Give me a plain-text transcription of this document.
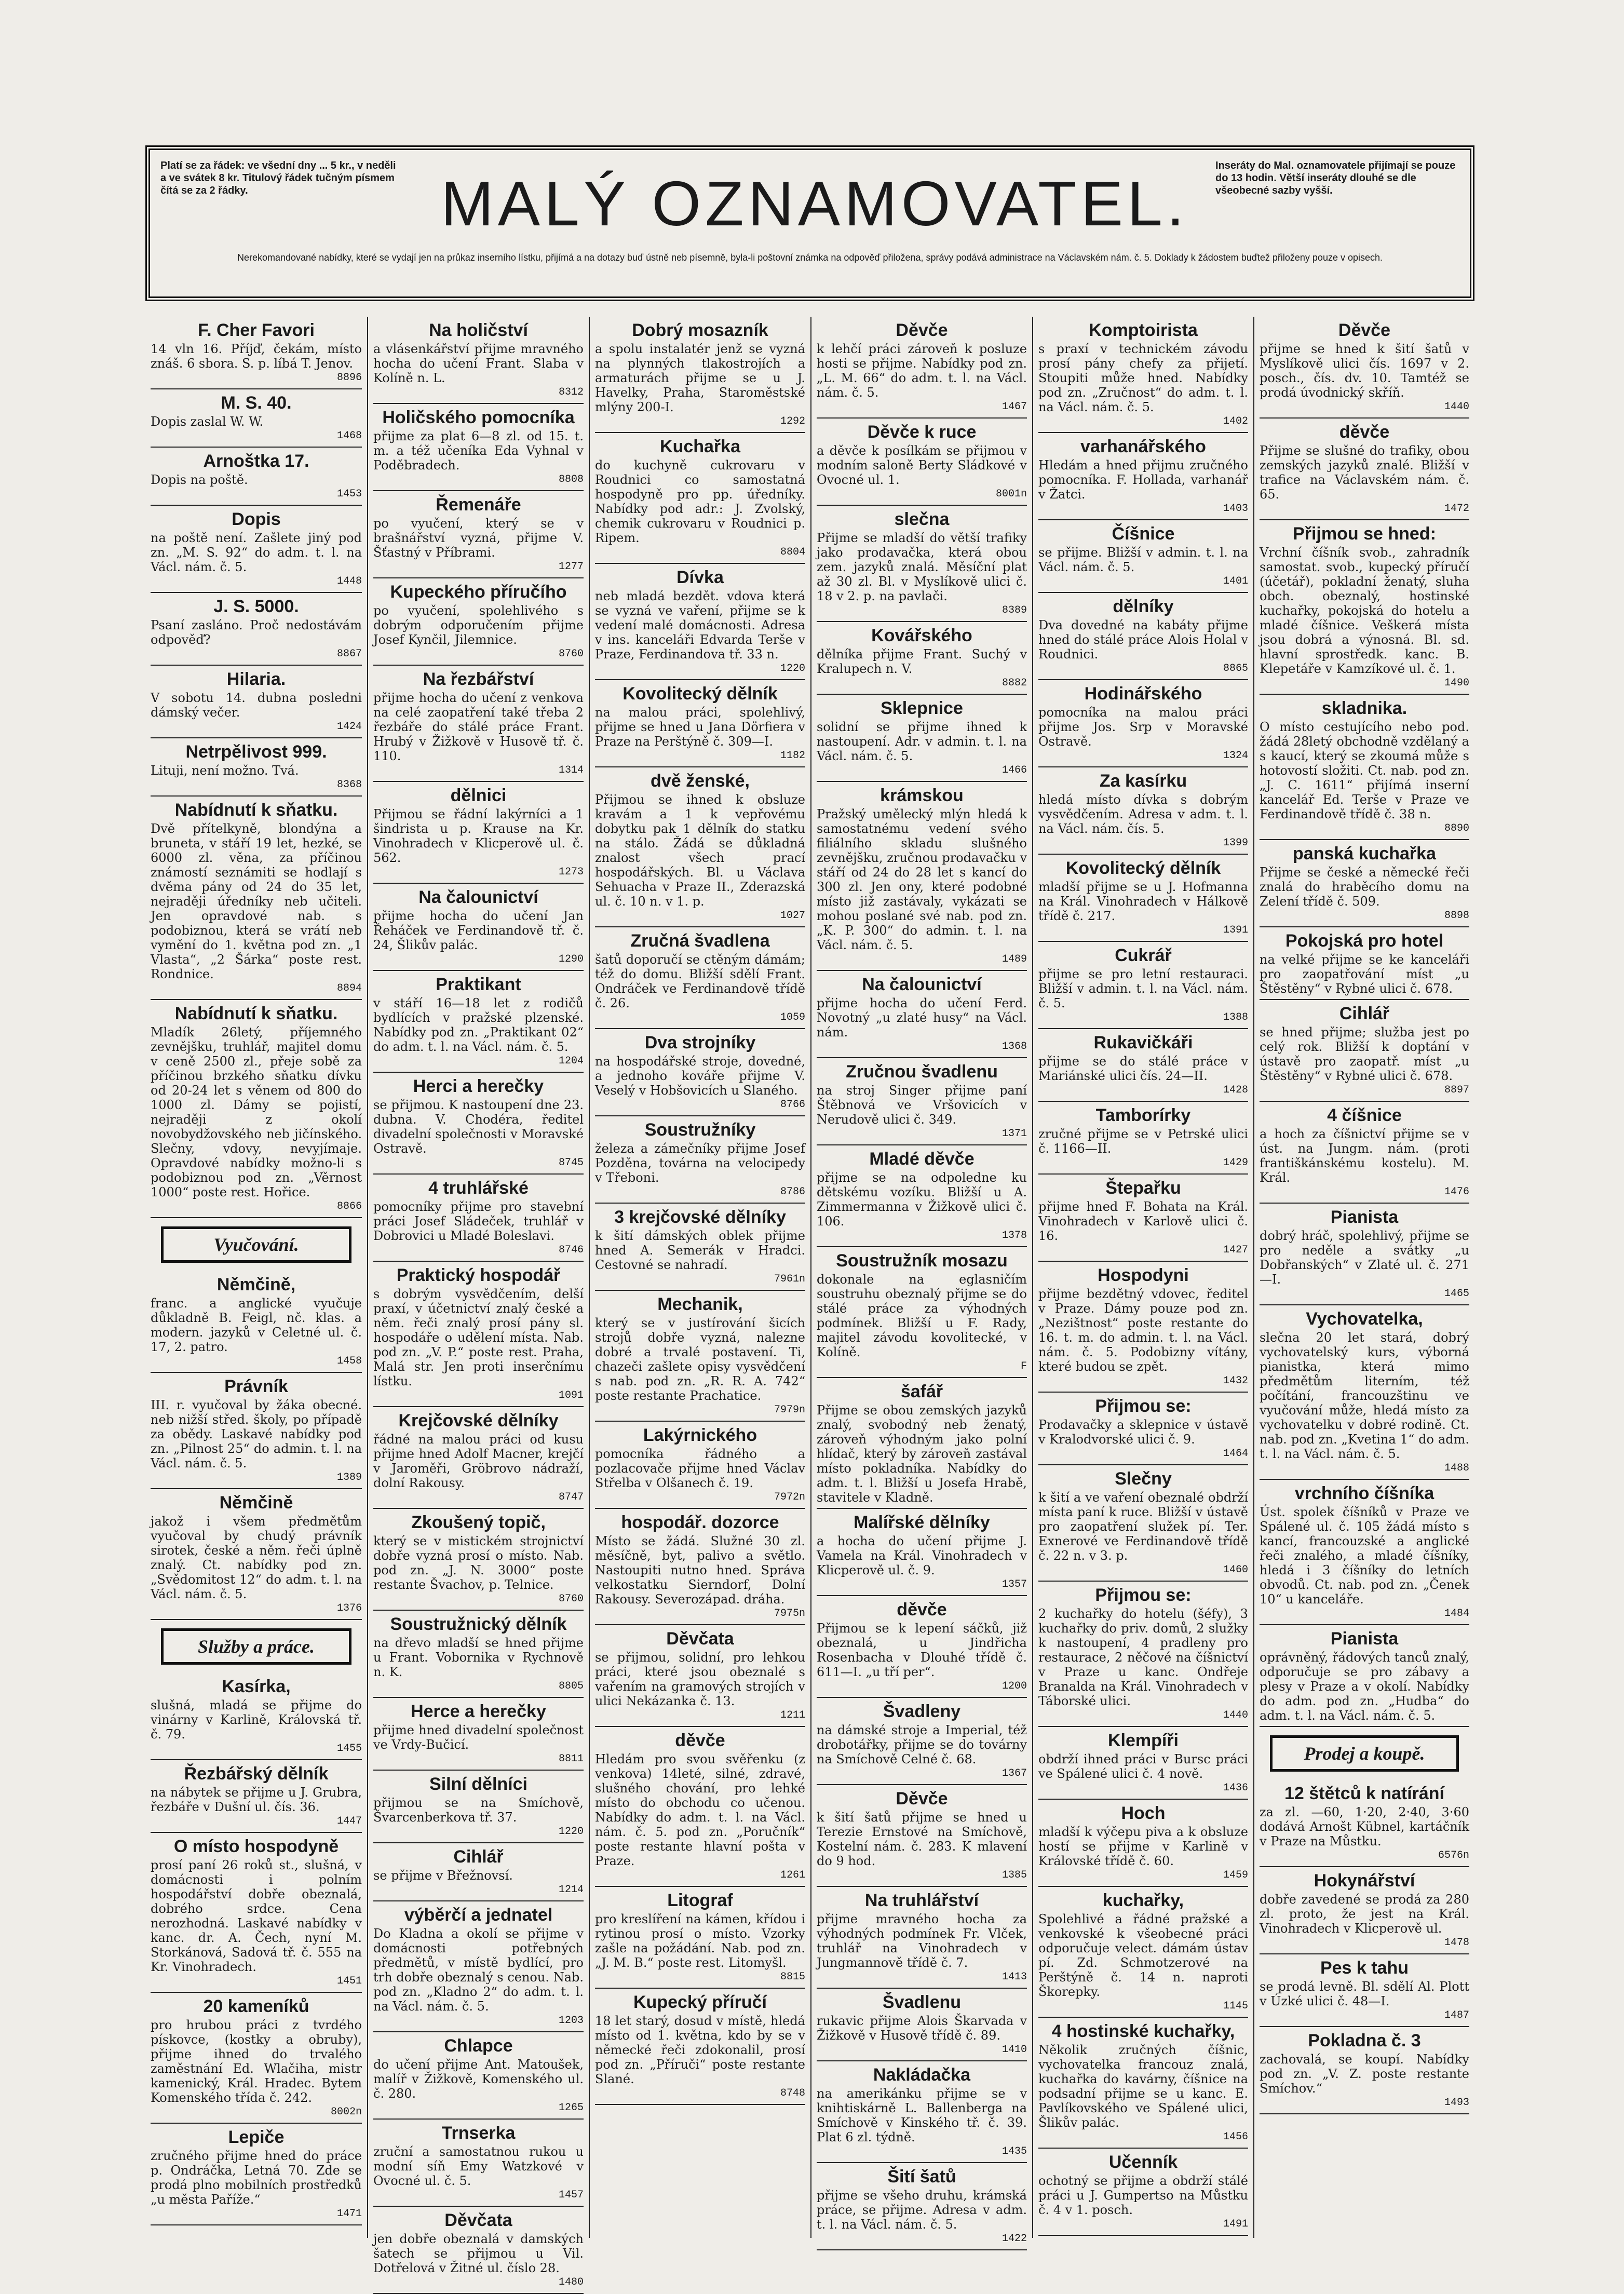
Platí se za řádek: ve všední dny ... 5 kr., v neděli a ve svátek 8 kr. Titulový řádek tučným písmem čítá se za 2 řádky.	MALÝ OZNAMOVATEL.
Inseráty do Mal. oznamovatele přijímají se pouze do 13 hodin. Větší inseráty dlouhé se dle všeobecné sazby vyšší.
Nerekomandované nabídky, které se vydají jen na průkaz inserního lístku, přijímá a na dotazy buď ústně neb písemně, byla-li poštovní známka na odpověď přiložena, správy podává administrace na Václavském nám. č. 5. Doklady k žádostem buďtež přiloženy pouze v opisech.
F. Cher Favori
14 vln 16. Příjď, čekám, místo znáš. 6 sbora. S. p. líbá T. Jenov.
8896
M. S. 40.
Dopis zaslal W. W.
1468
Arnoštka 17.
Dopis na poště.
1453
Dopis
na poště není. Zašlete jiný pod zn. „M. S. 92“ do adm. t. l. na Václ. nám. č. 5.
1448
J. S. 5000.
Psaní zasláno. Proč nedostávám odpověď?
8867
Hilaria.
V sobotu 14. dubna posledni dámský večer.
1424
Netrpělivost 999.
Lituji, není možno. Tvá.
8368
Nabídnutí k sňatku.
Dvě přítelkyně, blondýna a bruneta, v stáří 19 let, hezké, se 6000 zl. věna, za příčinou známostí seznámiti se hodlají s dvěma pány od 24 do 35 let, nejraději úředníky neb učiteli. Jen opravdové nab. s podobiznou, která se vrátí neb vymění do 1. května pod zn. „1 Vlasta“, „2 Šárka“ poste rest. Rondnice.
8894
Nabídnutí k sňatku.
Mladík 26letý, příjemného zevnějšku, truhlář, majitel domu v ceně 2500 zl., přeje sobě za příčinou brzkého sňatku dívku od 20-24 let s věnem od 800 do 1000 zl. Dámy se pojistí, nejraději z okolí novobydžovského neb jičínského. Slečny, vdovy, nevyjímaje. Opravdové nabídky možno-li s podobiznou pod zn. „Věrnost 1000“ poste rest. Hořice.
8866
Vyučování.
Němčině,
franc. a anglické vyučuje důkladně B. Feigl, nč. klas. a modern. jazyků v Celetné ul. č. 17, 2. patro.
1458
Právník
III. r. vyučoval by žáka obecné. neb nižší střed. školy, po případě za obědy. Laskavé nabídky pod zn. „Pilnost 25“ do admin. t. l. na Václ. nám. č. 5.
1389
Němčině
jakož i všem předmětům vyučoval by chudý právník sirotek, české a něm. řeči úplně znalý. Ct. nabídky pod zn. „Svědomitost 12“ do adm. t. l. na Václ. nám. č. 5.
1376
Služby a práce.
Kasírka,
slušná, mladá se přijme do vinárny v Karlině, Královská tř. č. 79.
1455
Řezbářský dělník
na nábytek se přijme u J. Grubra, řezbáře v Dušní ul. čís. 36.
1447
O místo hospodyně
prosí paní 26 roků st., slušná, v domácnosti i polním hospodářství dobře obeznalá, dobrého srdce. Cena nerozhodná. Laskavé nabídky v kanc. dr. A. Čech, nyní M. Storkánová, Sadová tř. č. 555 na Kr. Vinohradech.
1451
20 kameníků
pro hrubou práci z tvrdého pískovce, (kostky a obruby), přijme ihned do trvalého zaměstnání Ed. Wlačiha, mistr kamenický, Král. Hradec. Bytem Komenského třída č. 242.
8002n
Lepiče
zručného přijme hned do práce p. Ondráčka, Letná 70. Zde se prodá plno mobilních prostředků „u města Paříže.“
1471
Na holičství
a vlásenkářství přijme mravného hocha do učení Frant. Slaba v Kolíně n. L.
8312
Holičského pomocníka
přijme za plat 6—8 zl. od 15. t. m. a též učeníka Eda Vyhnal v Poděbradech.
8808
Řemenáře
po vyučení, který se v brašnářství vyzná, přijme V. Šťastný v Příbrami.
1277
Kupeckého příručího
po vyučení, spolehlivého s dobrým odporučením přijme Josef Kynčil, Jilemnice.
8760
Na řezbářství
přijme hocha do učení z venkova na celé zaopatření také třeba 2 řezbáře do stálé práce Frant. Hrubý v Žižkově v Husově tř. č. 110.
1314
dělnici
Přijmou se řádní lakýrníci a 1 šindrista u p. Krause na Kr. Vinohradech v Klicperově ul. č. 562.
1273
Na čalounictví
přijme hocha do učení Jan Řeháček ve Ferdinandově tř. č. 24, Šlikův palác.
1290
Praktikant
v stáří 16—18 let z rodičů bydlících v pražské plzenské. Nabídky pod zn. „Praktikant 02“ do adm. t. l. na Václ. nám. č. 5.
1204
Herci a herečky
se přijmou. K nastoupení dne 23. dubna. V. Chodéra, ředitel divadelní společnosti v Moravské Ostravě.
8745
4 truhlářské
pomocníky přijme pro stavební práci Josef Sládeček, truhlář v Dobrovici u Mladé Boleslavi.
8746
Praktický hospodář
s dobrým vysvědčením, delší praxí, v účetnictví znalý české a něm. řeči znalý prosí pány sl. hospodáře o udělení místa. Nab. pod zn. „V. P.“ poste rest. Praha, Malá str. Jen proti inserčnímu lístku.
1091
Krejčovské dělníky
řádné na malou práci od kusu přijme hned Adolf Macner, krejčí v Jaroměři, Gröbrovo nádraží, dolní Rakousy.
8747
Zkoušený topič,
který se v mistickém strojnictví dobře vyzná prosí o místo. Nab. pod zn. „J. N. 3000“ poste restante Švachov, p. Telnice.
8760
Soustružnický dělník
na dřevo mladší se hned přijme u Frant. Vobornika v Rychnově n. K.
8805
Herce a herečky
přijme hned divadelní společnost ve Vrdy-Bučicí.
8811
Silní dělníci
přijmou se na Smíchově, Švarcenberkova tř. 37.
1220
Cihlář
se přijme v Břežnovsí.
1214
výběrčí a jednatel
Do Kladna a okolí se přijme v domácnosti potřebných předmětů, v místě bydlící, pro trh dobře obeznalý s cenou. Nab. pod zn. „Kladno 2“ do adm. t. l. na Václ. nám. č. 5.
1203
Chlapce
do učení přijme Ant. Matoušek, malíř v Žižkově, Komenského ul. č. 280.
1265
Trnserka
zruční a samostatnou rukou u modní síň Emy Watzkové v Ovocné ul. č. 5.
1457
Děvčata
jen dobře obeznalá v damských šatech se přijmou u Vil. Dotřelová v Žitné ul. číslo 28.
1480
Dobrý mosazník
a spolu instalatér jenž se vyzná na plynných tlakostrojích a armaturách přijme se u J. Havelky, Praha, Staroměstské mlýny 200-I.
1292
Kuchařka
do kuchyně cukrovaru v Roudnici co samostatná hospodyně pro pp. úředníky. Nabídky pod adr.: J. Zvolský, chemik cukrovaru v Roudnici p. Ripem.
8804
Dívka
neb mladá bezdět. vdova která se vyzná ve vaření, přijme se k vedení malé domácnosti. Adresa v ins. kanceláři Edvarda Terše v Praze, Ferdinandova tř. 33 n.
1220
Kovolitecký dělník
na malou práci, spolehlivý, přijme se hned u Jana Dörfiera v Praze na Perštýně č. 309—I.
1182
dvě ženské,
Přijmou se ihned k obsluze kravám a 1 k vepřovému dobytku pak 1 dělník do statku na stálo. Žádá se důkladná znalost všech prací hospodářských. Bl. u Václava Sehuacha v Praze II., Zderazská ul. č. 10 n. v 1. p.
1027
Zručná švadlena
šatů doporučí se ctěným dámám; též do domu. Bližší sdělí Frant. Ondráček ve Ferdinandově třídě č. 26.
1059
Dva strojníky
na hospodářské stroje, dovedné, a jednoho kováře přijme V. Veselý v Hobšovicích u Slaného.
8766
Soustružníky
železa a zámečníky přijme Josef Pozděna, továrna na velocipedy v Třeboni.
8786
3 krejčovské dělníky
k šití dámských oblek přijme hned A. Semerák v Hradci. Cestovné se nahradí.
7961n
Mechanik,
který se v justírování šicích strojů dobře vyzná, nalezne dobré a trvalé postavení. Ti, chazeči zašlete opisy vysvědčení s nab. pod zn. „R. R. A. 742“ poste restante Prachatice.
7979n
Lakýrnického
pomocníka řádného a pozlacovače přijme hned Václav Střelba v Olšanech č. 19.
7972n
hospodář. dozorce
Místo se žádá. Služné 30 zl. měsíčně, byt, palivo a světlo. Nastoupiti nutno hned. Správa velkostatku Sierndorf, Dolní Rakousy. Severozápad. dráha.
7975n
Děvčata
se přijmou, solidní, pro lehkou práci, které jsou obeznalé s vařením na gramových strojích v ulici Nekázanka č. 13.
1211
děvče
Hledám pro svou svěřenku (z venkova) 14leté, silné, zdravé, slušného chování, pro lehké místo do obchodu co učenou. Nabídky do adm. t. l. na Václ. nám. č. 5. pod zn. „Poručník“ poste restante hlavní pošta v Praze.
1261
Litograf
pro kreslíření na kámen, křídou i rytinou prosí o místo. Vzorky zašle na požádání. Nab. pod zn. „J. M. B.“ poste rest. Litomyšl.
8815
Kupecký příručí
18 let starý, dosud v místě, hledá místo od 1. května, kdo by se v německé řeči zdokonalil, prosí pod zn. „Příruči“ poste restante Slané.
8748
Děvče
k lehčí práci zároveň k posluze hosti se přijme. Nabídky pod zn. „L. M. 66“ do adm. t. l. na Václ. nám. č. 5.
1467
Děvče k ruce
a děvče k posílkám se přijmou v modním saloně Berty Sládkové v Ovocné ul. 1.
8001n
slečna
Přijme se mladší do větší trafiky jako prodavačka, která obou zem. jazyků znalá. Měsíční plat až 30 zl. Bl. v Myslíkově ulici č. 18 v 2. p. na pavlači.
8389
Kovářského
dělníka přijme Frant. Suchý v Kralupech n. V.
8882
Sklepnice
solidní se přijme ihned k nastoupení. Adr. v admin. t. l. na Václ. nám. č. 5.
1466
krámskou
Pražský umělecký mlýn hledá k samostatnému vedení svého filiálního skladu slušného zevnějšku, zručnou prodavačku v stáří od 24 do 28 let s kancí do 300 zl. Jen ony, které podobné místo již zastávaly, vykázati se mohou poslané své nab. pod zn. „K. P. 300“ do admin. t. l. na Václ. nám. č. 5.
1489
Na čalounictví
přijme hocha do učení Ferd. Novotný „u zlaté husy“ na Václ. nám.
1368
Zručnou švadlenu
na stroj Singer přijme paní Štěbnová ve Vršovicích v Nerudově ulici č. 349.
1371
Mladé děvče
přijme se na odpoledne ku dětskému vozíku. Bližší u A. Zimmermanna v Žižkově ulici č. 106.
1378
Soustružník mosazu
dokonale na eglasničím soustruhu obeznalý přijme se do stálé práce za výhodných podmínek. Bližší u F. Rady, majitel závodu kovolitecké, v Kolíně.
F
šafář
Přijme se obou zemských jazyků znalý, svobodný neb ženatý, zároveň výhodným jako polní hlídač, který by zároveň zastával místo pokladníka. Nabídky do adm. t. l. Bližší u Josefa Hrabě, stavitele v Kladně.
Malířské dělníky
a hocha do učení přijme J. Vamela na Král. Vinohradech v Klicperově ul. č. 9.
1357
děvče
Přijmou se k lepení sáčků, již obeznalá, u Jindřicha Rosenbacha v Dlouhé třídě č. 611—I. „u tří per“.
1200
Švadleny
na dámské stroje a Imperial, též drobotářky, přijme se do továrny na Smíchově Celné č. 68.
1367
Děvče
k šití šatů přijme se hned u Terezie Ernstové na Smíchově, Kostelní nám. č. 283. K mlavení do 9 hod.
1385
Na truhlářství
přijme mravného hocha za výhodných podmínek Fr. Vlček, truhlář na Vinohradech v Jungmannově třídě č. 7.
1413
Švadlenu
rukavic přijme Alois Škarvada v Žižkově v Husově třídě č. 89.
1410
Nakládačka
na amerikánku přijme se v knihtiskárně L. Ballenberga na Smíchově v Kinského tř. č. 39. Plat 6 zl. týdně.
1435
Šití šatů
přijme se všeho druhu, krámská práce, se přijme. Adresa v adm. t. l. na Václ. nám. č. 5.
1422
Komptoiristа
s praxí v technickém závodu prosí pány chefy za přijetí. Stoupiti může hned. Nabídky pod zn. „Zručnost“ do adm. t. l. na Václ. nám. č. 5.
1402
varhanářského
Hledám a hned přijmu zručného pomocníka. F. Hollada, varhanář v Žatci.
1403
Číšnice
se přijme. Bližší v admin. t. l. na Václ. nám. č. 5.
1401
dělníky
Dva dovedné na kabáty přijme hned do stálé práce Alois Holal v Roudnici.
8865
Hodinářského
pomocníka na malou práci přijme Jos. Srp v Moravské Ostravě.
1324
Za kasírku
hledá místo dívka s dobrým vysvědčením. Adresa v adm. t. l. na Václ. nám. čís. 5.
1399
Kovolitecký dělník
mladší přijme se u J. Hofmanna na Král. Vinohradech v Hálkově třídě č. 217.
1391
Cukrář
přijme se pro letní restauraci. Bližší v admin. t. l. na Václ. nám. č. 5.
1388
Rukavičkáři
přijme se do stálé práce v Mariánské ulici čís. 24—II.
1428
Tamborírky
zručné přijme se v Petrské ulici č. 1166—II.
1429
Štepařku
přijme hned F. Bohata na Král. Vinohradech v Karlově ulici č. 16.
1427
Hospodyni
přijme bezdětný vdovec, ředitel v Praze. Dámy pouze pod zn. „Nezištnost“ poste restante do 16. t. m. do admin. t. l. na Václ. nám. č. 5. Podobizny vítány, které budou se zpět.
1432
Přijmou se:
Prodavačky a sklepnice v ústavě v Kralodvorské ulici č. 9.
1464
Slečny
k šití a ve vaření obeznalé obdrží místa paní k ruce. Bližší v ústavě pro zaopatření služek pí. Ter. Exnerové ve Ferdinandově třídě č. 22 n. v 3. p.
1460
Přijmou se:
2 kuchařky do hotelu (šéfy), 3 kuchařky do priv. domů, 2 služky k nastoupení, 4 pradleny pro restaurace, 2 něčové na číšnictví v Praze u kanc. Ondřeje Branalda na Král. Vinohradech v Táborské ulici.
1440
Klempíři
obdrží ihned práci v Bursc práci ve Spálené ulici č. 4 nově.
1436
Hoch
mladší k výčepu piva a k obsluze hostí se přijme v Karlině v Královské třídě č. 60.
1459
kuchařky,
Spolehlivé a řádné pražské a venkovské k všeobecné práci odporučuje velect. dámám ústav pí. Zd. Schmotzerové na Perštýně č. 14 n. naproti Škorepky.
1145
4 hostinské kuchařky,
Několik zručných číšnic, vychovatelka francouz znalá, kuchařka do kavárny, číšnice na podsadní přijme se u kanc. E. Pavlíkovského ve Spálené ulici, Šlikův palác.
1456
Učenník
ochotný se přijme a obdrží stálé práci u J. Gumpertso na Můstku č. 4 v 1. posch.
1491
Děvče
přijme se hned k šití šatů v Myslíkově ulici čís. 1697 v 2. posch., čís. dv. 10. Tamtéž se prodá úvodnický skříň.
1440
děvče
Přijme se slušné do trafiky, obou zemských jazyků znalé. Bližší v trafice na Václavském nám. č. 65.
1472
Přijmou se hned:
Vrchní číšník svob., zahradník samostat. svob., kupecký příručí (účetář), pokladní ženatý, sluha obch. obeznalý, hostinské kuchařky, pokojská do hotelu a mladé číšnice. Veškerá místa jsou dobrá a výnosná. Bl. sd. hlavní sprostředk. kanc. B. Klepetáře v Kamzíkové ul. č. 1.
1490
skladnika.
O místo cestujícího nebo pod. žádá 28letý obchodně vzdělaný a s kaucí, který se zkoumá může s hotovostí složiti. Ct. nab. pod zn. „J. C. 1611“ přijímá inserní kancelář Ed. Terše v Praze ve Ferdinandově třídě č. 38 n.
8890
panská kuchařka
Přijme se české a německé řeči znalá do hraběcího domu na Zelení třídě č. 509.
8898
Pokojská pro hotel
na velké přijme se ke kanceláři pro zaopatřování míst „u Štěstěny“ v Rybné ulici č. 678.
Cihlář
se hned přijme; služba jest po celý rok. Bližší k doptání v ústavě pro zaopatř. míst „u Štěstěny“ v Rybné ulici č. 678.
8897
4 číšnice
a hoch za číšnictví přijme se v úst. na Jungm. nám. (proti františkánskému kostelu). M. Král.
1476
Pianista
dobrý hráč, spolehlivý, přijme se pro neděle a svátky „u Dobřanských“ v Zlaté ul. č. 271—I.
1465
Vychovatelka,
slečna 20 let stará, dobrý vychovatelský kurs, výborná pianistka, která mimo předmětům literním, též počítání, francouzštinu ve vyučování může, hledá místo za vychovatelku v dobré rodině. Ct. nab. pod zn. „Kvetina 1“ do adm. t. l. na Václ. nám. č. 5.
1488
vrchního číšníka
Úst. spolek číšníků v Praze ve Spálené ul. č. 105 žádá místo s kancí, francouzské a anglické řeči znalého, a mladé číšníky, hledá i 3 číšníky do letních obvodů. Ct. nab. pod zn. „Čenek 10“ u kanceláře.
1484
Pianista
oprávněný, řádových tanců znalý, odporučuje se pro zábavy a plesy v Praze a v okolí. Nabídky do adm. pod zn. „Hudba“ do adm. t. l. na Václ. nám. č. 5.
Prodej a koupě.
12 štětců k natírání
za zl. —60, 1·20, 2·40, 3·60 dodává Arnošt Kübnel, kartáčník v Praze na Můstku.
6576n
Hokynářství
dobře zavedené se prodá za 280 zl. proto, že jest na Král. Vinohradech v Klicperově ul.
1478
Pes k tahu
se prodá levně. Bl. sdělí Al. Plott v Úzké ulici č. 48—I.
1487
Pokladna č. 3
zachovalá, se koupí. Nabídky pod zn. „V. Z. poste restante Smíchov.“
1493
